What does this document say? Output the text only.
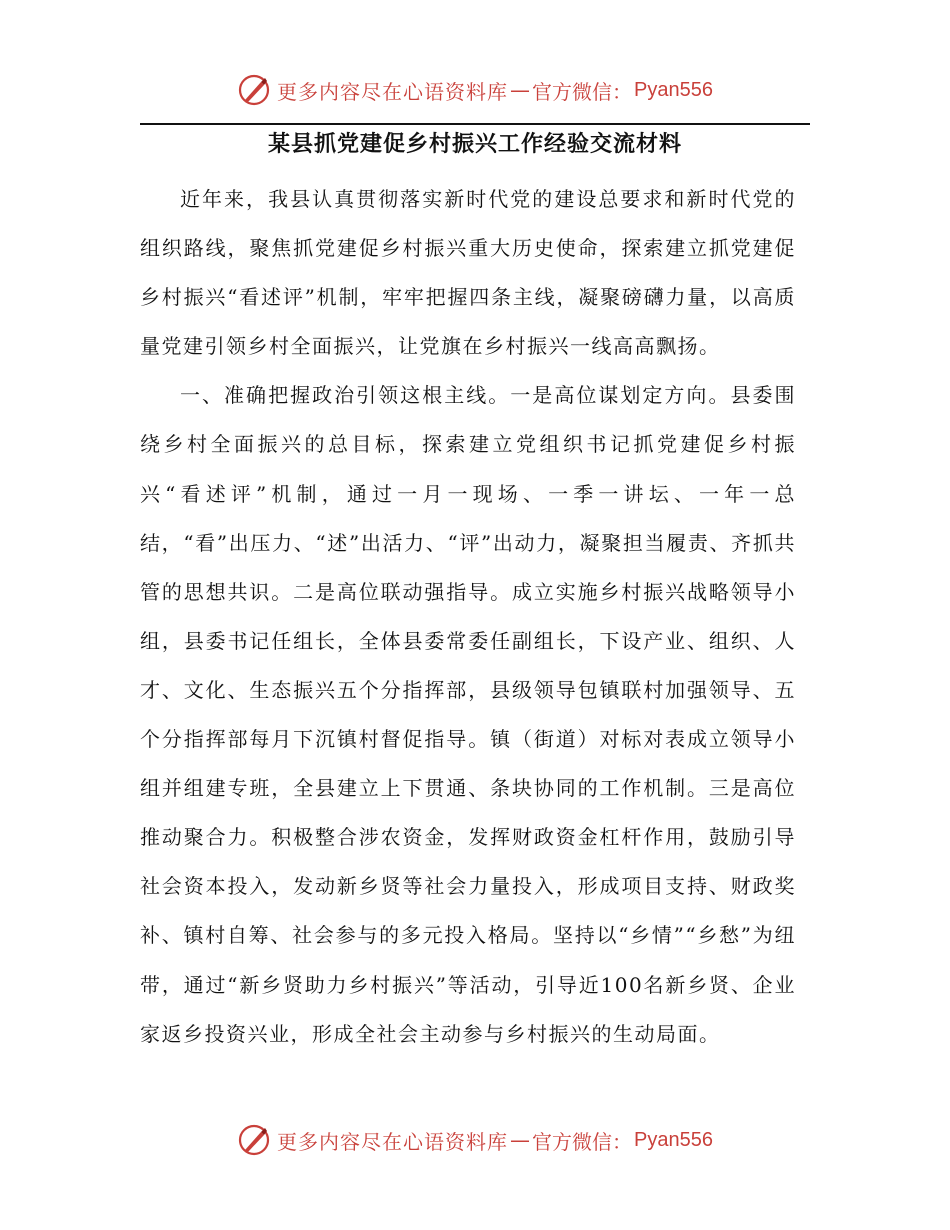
更多内容尽在心语资料库 — 官方微信： Pyan556
某县抓党建促乡村振兴工作经验交流材料

近年来，我县认真贯彻落实新时代党的建设总要求和新时代党的组织路线，聚焦抓党建促乡村振兴重大历史使命，探索建立抓党建促乡村振兴“看述评”机制，牢牢把握四条主线，凝聚磅礴力量，以高质量党建引领乡村全面振兴，让党旗在乡村振兴一线高高飘扬。

一、准确把握政治引领这根主线。一是高位谋划定方向。县委围绕乡村全面振兴的总目标，探索建立党组织书记抓党建促乡村振兴“看述评”机制，通过一月一现场、一季一讲坛、一年一总结，“看”出压力、“述”出活力、“评”出动力，凝聚担当履责、齐抓共管的思想共识。二是高位联动强指导。成立实施乡村振兴战略领导小组，县委书记任组长，全体县委常委任副组长，下设产业、组织、人才、文化、生态振兴五个分指挥部，县级领导包镇联村加强领导、五个分指挥部每月下沉镇村督促指导。镇（街道）对标对表成立领导小组并组建专班，全县建立上下贯通、条块协同的工作机制。三是高位推动聚合力。积极整合涉农资金，发挥财政资金杠杆作用，鼓励引导社会资本投入，发动新乡贤等社会力量投入，形成项目支持、财政奖补、镇村自筹、社会参与的多元投入格局。坚持以“乡情”“乡愁”为纽带，通过“新乡贤助力乡村振兴”等活动，引导近100名新乡贤、企业家返乡投资兴业，形成全社会主动参与乡村振兴的生动局面。

更多内容尽在心语资料库 — 官方微信： Pyan556
